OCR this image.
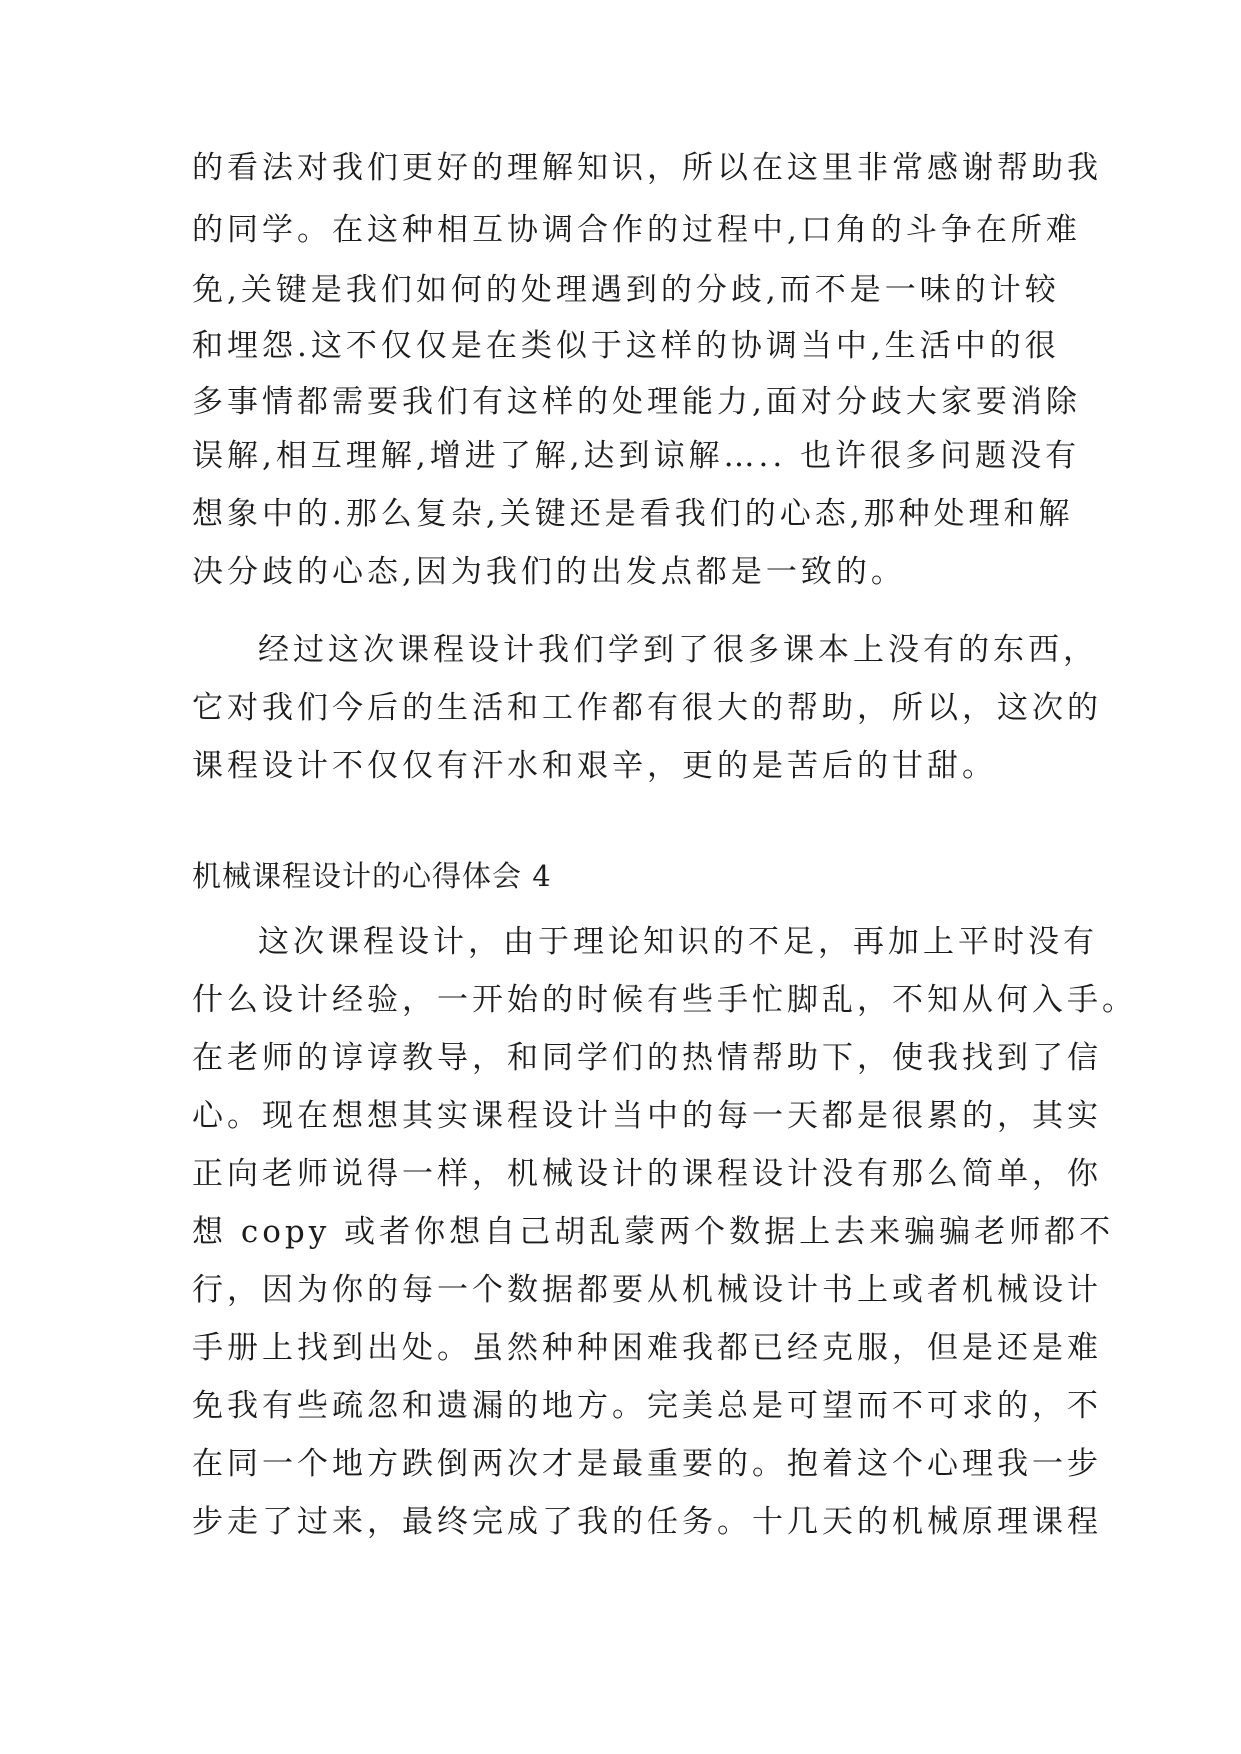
的看法对我们更好的理解知识，所以在这里非常感谢帮助我
的同学。在这种相互协调合作的过程中,口角的斗争在所难
免,关键是我们如何的处理遇到的分歧,而不是一味的计较
和埋怨.这不仅仅是在类似于这样的协调当中,生活中的很
多事情都需要我们有这样的处理能力,面对分歧大家要消除
误解,相互理解,增进了解,达到谅解….. 也许很多问题没有
想象中的.那么复杂,关键还是看我们的心态,那种处理和解
决分歧的心态,因为我们的出发点都是一致的。
经过这次课程设计我们学到了很多课本上没有的东西，
它对我们今后的生活和工作都有很大的帮助，所以，这次的
课程设计不仅仅有汗水和艰辛，更的是苦后的甘甜。
机械课程设计的心得体会 4
这次课程设计，由于理论知识的不足，再加上平时没有
什么设计经验，一开始的时候有些手忙脚乱，不知从何入手。
在老师的谆谆教导，和同学们的热情帮助下，使我找到了信
心。现在想想其实课程设计当中的每一天都是很累的，其实
正向老师说得一样，机械设计的课程设计没有那么简单，你
想 copy 或者你想自己胡乱蒙两个数据上去来骗骗老师都不
行，因为你的每一个数据都要从机械设计书上或者机械设计
手册上找到出处。虽然种种困难我都已经克服，但是还是难
免我有些疏忽和遗漏的地方。完美总是可望而不可求的，不
在同一个地方跌倒两次才是最重要的。抱着这个心理我一步
步走了过来，最终完成了我的任务。十几天的机械原理课程
